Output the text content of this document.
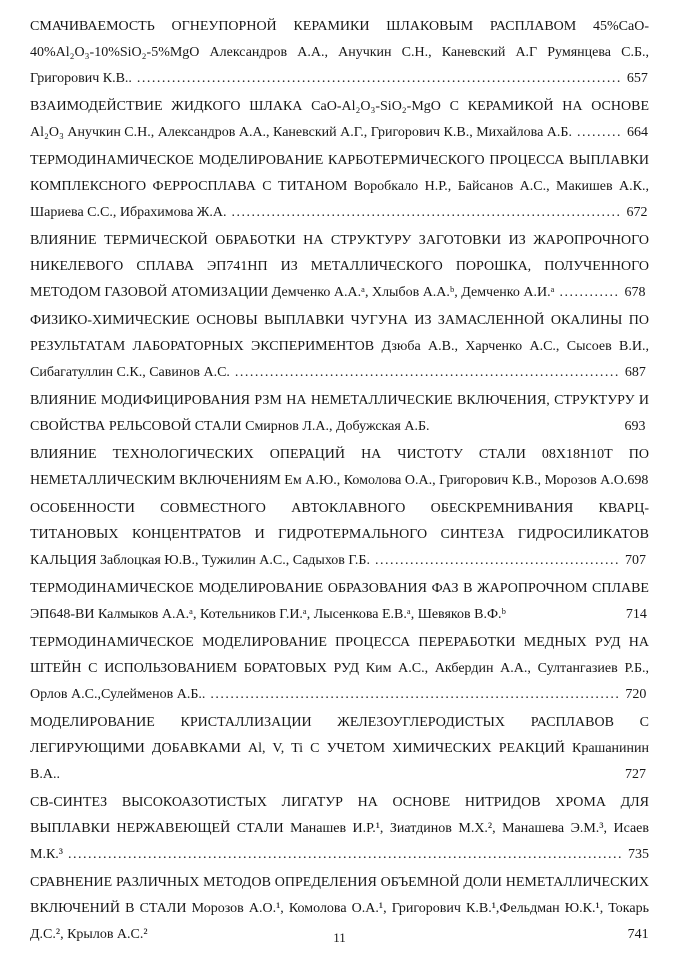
СМАЧИВАЕМОСТЬ ОГНЕУПОРНОЙ КЕРАМИКИ ШЛАКОВЫМ РАСПЛАВОМ 45%CaO-40%Al₂O₃-10%SiO₂-5%MgO Александров А.А., Анучкин С.Н., Каневский А.Г Румянцева С.Б., Григорович К.В.. ................................................................................................. 657

ВЗАИМОДЕЙСТВИЕ ЖИДКОГО ШЛАКА CaO-Al₂O₃-SiO₂-MgO С КЕРАМИКОЙ НА ОСНОВЕ Al₂O₃ Анучкин С.Н., Александров А.А., Каневский А.Г., Григорович К.В., Михайлова А.Б. ......... 664

ТЕРМОДИНАМИЧЕСКОЕ МОДЕЛИРОВАНИЕ КАРБОТЕРМИЧЕСКОГО ПРОЦЕССА ВЫПЛАВКИ КОМПЛЕКСНОГО ФЕРРОСПЛАВА С ТИТАНОМ Воробкало Н.Р., Байсанов А.С., Макишев А.К., Шариева С.С., Ибрахимова Ж.А. .............................................................................. 672

ВЛИЯНИЕ ТЕРМИЧЕСКОЙ ОБРАБОТКИ НА СТРУКТУРУ ЗАГОТОВКИ ИЗ ЖАРОПРОЧНОГО НИКЕЛЕВОГО СПЛАВА ЭП741НП ИЗ МЕТАЛЛИЧЕСКОГО ПОРОШКА, ПОЛУЧЕННОГО МЕТОДОМ ГАЗОВОЙ АТОМИЗАЦИИ Демченко А.А.ᵃ, Хлыбов А.А.ᵇ, Демченко А.И.ᵃ ............ 678

ФИЗИКО-ХИМИЧЕСКИЕ ОСНОВЫ ВЫПЛАВКИ ЧУГУНА ИЗ ЗАМАСЛЕННОЙ ОКАЛИНЫ ПО РЕЗУЛЬТАТАМ ЛАБОРАТОРНЫХ ЭКСПЕРИМЕНТОВ Дзюба А.В., Харченко А.С., Сысоев В.И., Сибагатуллин С.К., Савинов А.С. ............................................................................. 687

ВЛИЯНИЕ МОДИФИЦИРОВАНИЯ РЗМ НА НЕМЕТАЛЛИЧЕСКИЕ ВКЛЮЧЕНИЯ, СТРУКТУРУ И СВОЙСТВА РЕЛЬСОВОЙ СТАЛИ Смирнов Л.А., Добужская А.Б.	693

ВЛИЯНИЕ ТЕХНОЛОГИЧЕСКИХ ОПЕРАЦИЙ НА ЧИСТОТУ СТАЛИ 08Х18Н10Т ПО НЕМЕТАЛЛИЧЕСКИМ ВКЛЮЧЕНИЯМ Ем А.Ю., Комолова О.А., Григорович К.В., Морозов А.О.698

ОСОБЕННОСТИ СОВМЕСТНОГО АВТОКЛАВНОГО ОБЕСКРЕМНИВАНИЯ КВАРЦ-ТИТАНОВЫХ КОНЦЕНТРАТОВ И ГИДРОТЕРМАЛЬНОГО СИНТЕЗА ГИДРОСИЛИКАТОВ КАЛЬЦИЯ Заблоцкая Ю.В., Тужилин А.С., Садыхов Г.Б. ................................................. 707

ТЕРМОДИНАМИЧЕСКОЕ МОДЕЛИРОВАНИЕ ОБРАЗОВАНИЯ ФАЗ В ЖАРОПРОЧНОМ СПЛАВЕ ЭП648-ВИ Калмыков А.А.ᵃ, Котельников Г.И.ᵃ, Лысенкова Е.В.ᵃ, Шевяков В.Ф.ᵇ	714

ТЕРМОДИНАМИЧЕСКОЕ МОДЕЛИРОВАНИЕ ПРОЦЕССА ПЕРЕРАБОТКИ МЕДНЫХ РУД НА ШТЕЙН С ИСПОЛЬЗОВАНИЕМ БОРАТОВЫХ РУД Ким А.С., Акбердин А.А., Султангазиев Р.Б., Орлов А.С.,Сулейменов А.Б.. .................................................................................. 720

МОДЕЛИРОВАНИЕ КРИСТАЛЛИЗАЦИИ ЖЕЛЕЗОУГЛЕРОДИСТЫХ РАСПЛАВОВ С ЛЕГИРУЮЩИМИ ДОБАВКАМИ Al, V, Ti С УЧЕТОМ ХИМИЧЕСКИХ РЕАКЦИЙ Крашанинин В.А..	727

СВ-СИНТЕЗ ВЫСОКОАЗОТИСТЫХ ЛИГАТУР НА ОСНОВЕ НИТРИДОВ ХРОМА ДЛЯ ВЫПЛАВКИ НЕРЖАВЕЮЩЕЙ СТАЛИ Манашев И.Р.¹, Зиатдинов М.Х.², Манашева Э.М.³, Исаев М.К.³ ............................................................................................................... 735

СРАВНЕНИЕ РАЗЛИЧНЫХ МЕТОДОВ ОПРЕДЕЛЕНИЯ ОБЪЕМНОЙ ДОЛИ НЕМЕТАЛЛИЧЕСКИХ ВКЛЮЧЕНИЙ В СТАЛИ Морозов А.О.¹, Комолова О.А.¹, Григорович К.В.¹,Фельдман Ю.К.¹, Токарь Д.С.², Крылов А.С.²	741

11
